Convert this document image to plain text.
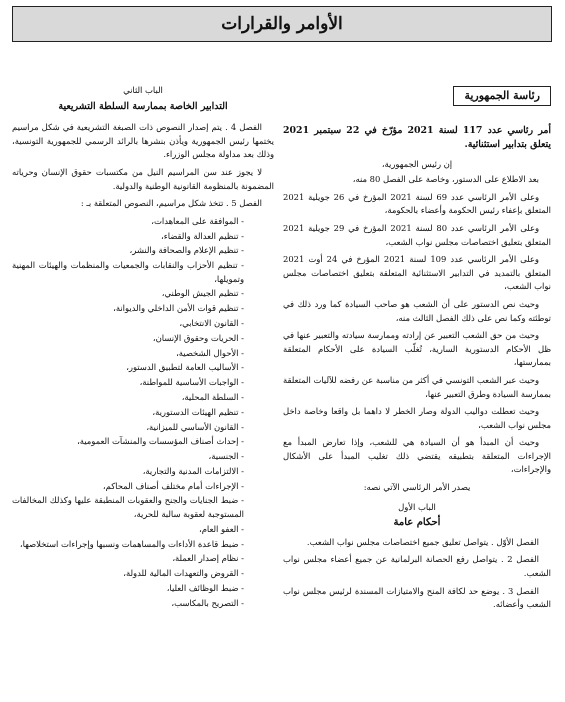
الأوامر والقرارات
رئاسة الجمهورية
أمر رئاسي عدد 117 لسنة 2021 مؤرّخ في 22 سبتمبر 2021 يتعلق بتدابير استثنائية.

إن رئيس الجمهورية،

بعد الاطلاع على الدستور، وخاصة على الفصل 80 منه،

وعلى الأمر الرئاسي عدد 69 لسنة 2021 المؤرخ في 26 جويلية 2021 المتعلق بإعفاء رئيس الحكومة وأعضاء بالحكومة،

وعلى الأمر الرئاسي عدد 80 لسنة 2021 المؤرخ في 29 جويلية 2021 المتعلق بتعليق اختصاصات مجلس نواب الشعب،

وعلى الأمر الرئاسي عدد 109 لسنة 2021 المؤرخ في 24 أوت 2021 المتعلق بالتمديد في التدابير الاستثنائية المتعلقة بتعليق اختصاصات مجلس نواب الشعب،

وحيث نص الدستور على أن الشعب هو صاحب السيادة كما ورد ذلك في توطئته وكما نص على ذلك الفصل الثالث منه،

وحيث من حق الشعب التعبير عن إرادته وممارسة سيادته والتعبير عنها في ظل الأحكام الدستورية السارية، تُغلّب السيادة على الأحكام المتعلقة بممارستها،

وحيث عبر الشعب التونسي في أكثر من مناسبة عن رفضه للآليات المتعلقة بممارسة السيادة وطرق التعبير عنها،

وحيث تعطلت دواليب الدولة وصار الخطر لا داهما بل واقعا وخاصة داخل مجلس نواب الشعب،

وحيث أن المبدأ هو أن السيادة هي للشعب، وإذا تعارض المبدأ مع الإجراءات المتعلقة بتطبيقه يقتضي ذلك تغليب المبدأ على الأشكال والإجراءات،

يصدر الأمر الرئاسي الآتي نصه:

الباب الأول

أحكام عامة

الفصل الأوّل . يتواصل تعليق جميع اختصاصات مجلس نواب الشعب.

الفصل 2 . يتواصل رفع الحصانة البرلمانية عن جميع أعضاء مجلس نواب الشعب.

الفصل 3 . يوضع حد لكافة المنح والامتيازات المسندة لرئيس مجلس نواب الشعب وأعضائه.

الباب الثاني

التدابير الخاصة بممارسة السلطة التشريعية

الفصل 4 . يتم إصدار النصوص ذات الصبغة التشريعية في شكل مراسيم يختمها رئيس الجمهورية ويأذن بنشرها بالرائد الرسمي للجمهورية التونسية، وذلك بعد مداولة مجلس الوزراء.

لا يجوز عند سن المراسيم النيل من مكتسبات حقوق الإنسان وحرياته المضمونة بالمنظومة القانونية الوطنية والدولية.

الفصل 5 . تتخذ شكل مراسيم، النصوص المتعلقة بـ :

- الموافقة على المعاهدات،
- تنظيم العدالة والقضاء،
- تنظيم الإعلام والصحافة والنشر،
- تنظيم الأحزاب والنقابات والجمعيات والمنظمات والهيئات المهنية وتمويلها،
- تنظيم الجيش الوطني،
- تنظيم قوات الأمن الداخلي والديوانة،
- القانون الانتخابي،
- الحريات وحقوق الإنسان،
- الأحوال الشخصية،
- الأساليب العامة لتطبيق الدستور،
- الواجبات الأساسية للمواطنة،
- السلطة المحلية،
- تنظيم الهيئات الدستورية،
- القانون الأساسي للميزانية،
- إحداث أصناف المؤسسات والمنشآت العمومية،
- الجنسية،
- الالتزامات المدنية والتجارية،
- الإجراءات أمام مختلف أصناف المحاكم،
- ضبط الجنايات والجنح والعقوبات المنطبقة عليها وكذلك المخالفات المستوجبة لعقوبة سالبة للحرية،
- العفو العام،
- ضبط قاعدة الأداءات والمساهمات ونسبها وإجراءات استخلاصها،
- نظام إصدار العملة،
- القروض والتعهدات المالية للدولة،
- ضبط الوظائف العليا،
- التصريح بالمكاسب،
